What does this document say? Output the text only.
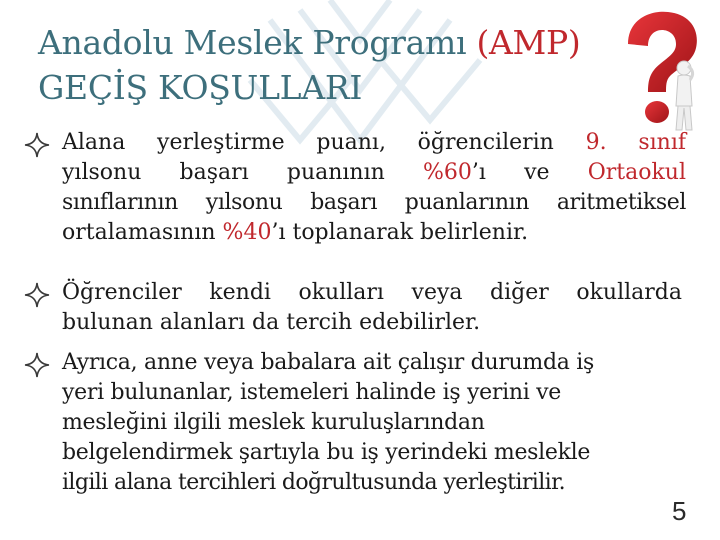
Anadolu Meslek Programı (AMP)
GEÇİŞ KOŞULLARI
Alana yerleştirme puanı, öğrencilerin 9. sınıf
yılsonu başarı puanının %60’ı ve Ortaokul
sınıflarının yılsonu başarı puanlarının aritmetiksel
ortalamasının %40’ı toplanarak belirlenir.
Öğrenciler kendi okulları veya diğer okullarda
bulunan alanları da tercih edebilirler.
Ayrıca, anne veya babalara ait çalışır durumda iş
yeri bulunanlar, istemeleri halinde iş yerini ve
mesleğini ilgili meslek kuruluşlarından
belgelendirmek şartıyla bu iş yerindeki meslekle
ilgili alana tercihleri doğrultusunda yerleştirilir.
5
